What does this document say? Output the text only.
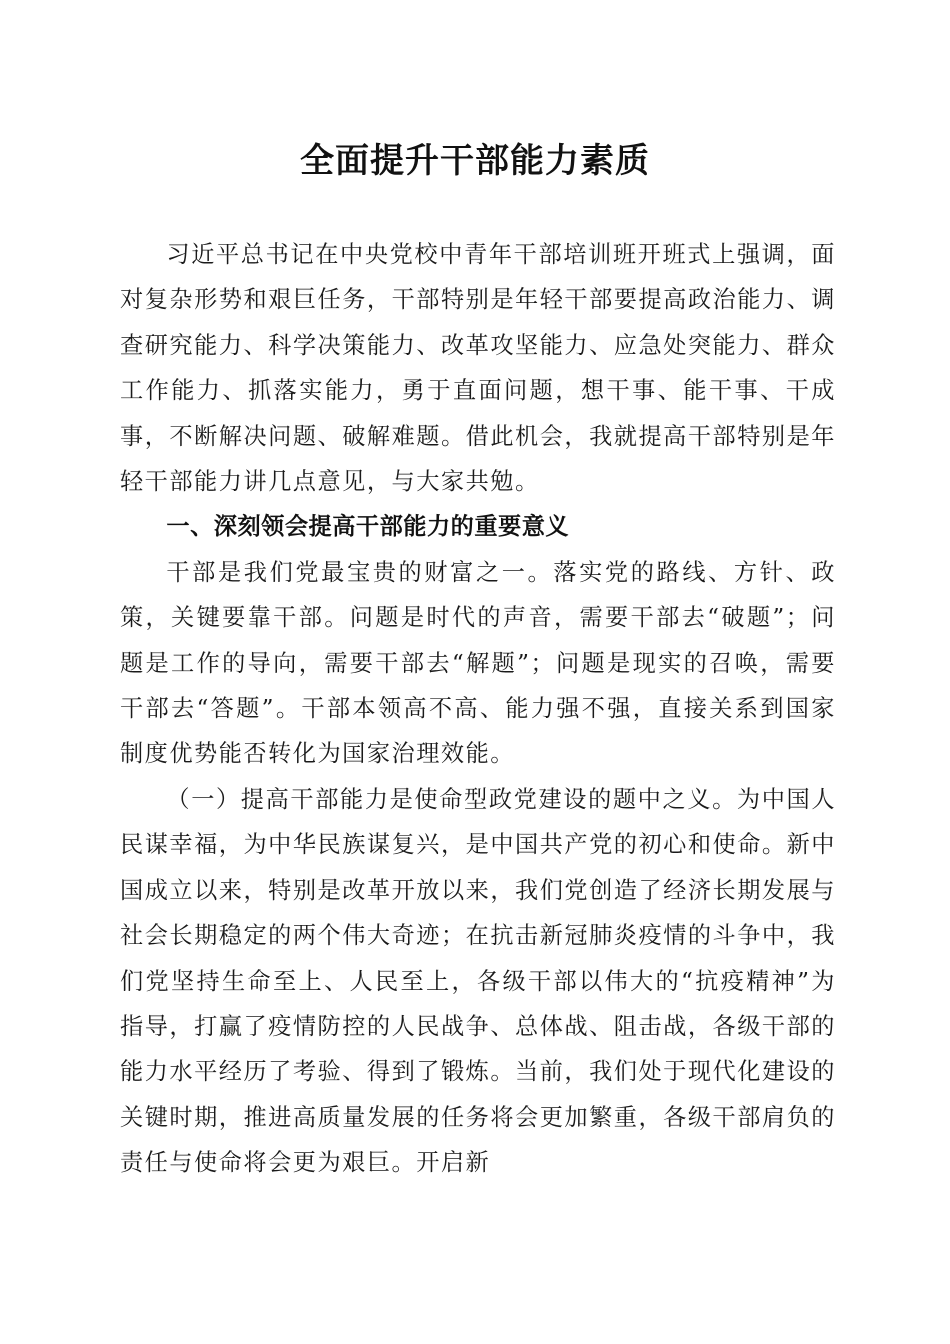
全面提升干部能力素质

习近平总书记在中央党校中青年干部培训班开班式上强调，面对复杂形势和艰巨任务，干部特别是年轻干部要提高政治能力、调查研究能力、科学决策能力、改革攻坚能力、应急处突能力、群众工作能力、抓落实能力，勇于直面问题，想干事、能干事、干成事，不断解决问题、破解难题。借此机会，我就提高干部特别是年轻干部能力讲几点意见，与大家共勉。

一、深刻领会提高干部能力的重要意义

干部是我们党最宝贵的财富之一。落实党的路线、方针、政策，关键要靠干部。问题是时代的声音，需要干部去“破题”；问题是工作的导向，需要干部去“解题”；问题是现实的召唤，需要干部去“答题”。干部本领高不高、能力强不强，直接关系到国家制度优势能否转化为国家治理效能。

（一）提高干部能力是使命型政党建设的题中之义。为中国人民谋幸福，为中华民族谋复兴，是中国共产党的初心和使命。新中国成立以来，特别是改革开放以来，我们党创造了经济长期发展与社会长期稳定的两个伟大奇迹；在抗击新冠肺炎疫情的斗争中，我们党坚持生命至上、人民至上，各级干部以伟大的“抗疫精神”为指导，打赢了疫情防控的人民战争、总体战、阻击战，各级干部的能力水平经历了考验、得到了锻炼。当前，我们处于现代化建设的关键时期，推进高质量发展的任务将会更加繁重，各级干部肩负的责任与使命将会更为艰巨。开启新
